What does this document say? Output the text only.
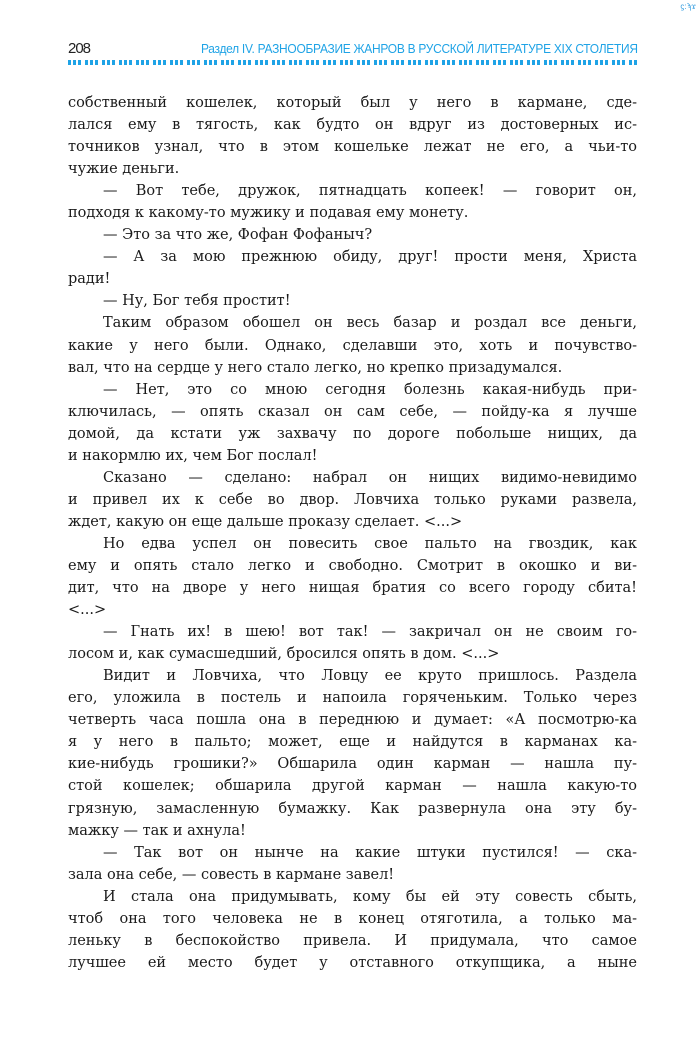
ϛ:ϡϫ
208	Раздел IV. РАЗНООБРАЗИЕ ЖАНРОВ В РУССКОЙ ЛИТЕРАТУРЕ XIX СТОЛЕТИЯ
собственный кошелек, который был у него в кармане, сде-
лался ему в тягость, как будто он вдруг из достоверных ис-
точников узнал, что в этом кошельке лежат не его, а чьи-то
чужие деньги.
— Вот тебе, дружок, пятнадцать копеек! — говорит он,
подходя к какому-то мужику и подавая ему монету.
— Это за что же, Фофан Фофаныч?
— А за мою прежнюю обиду, друг! прости меня, Христа
ради!
— Ну, Бог тебя простит!
Таким образом обошел он весь базар и роздал все деньги,
какие у него были. Однако, сделавши это, хоть и почувство-
вал, что на сердце у него стало легко, но крепко призадумался.
— Нет, это со мною сегодня болезнь какая-нибудь при-
ключилась, — опять сказал он сам себе, — пойду-ка я лучше
домой, да кстати уж захвачу по дороге побольше нищих, да
и накормлю их, чем Бог послал!
Сказано — сделано: набрал он нищих видимо-невидимо
и привел их к себе во двор. Ловчиха только руками развела,
ждет, какую он еще дальше проказу сделает. <...>
Но едва успел он повесить свое пальто на гвоздик, как
ему и опять стало легко и свободно. Смотрит в окошко и ви-
дит, что на дворе у него нищая братия со всего городу сбита!
<...>
— Гнать их! в шею! вот так! — закричал он не своим го-
лосом и, как сумасшедший, бросился опять в дом. <...>
Видит и Ловчиха, что Ловцу ее круто пришлось. Раздела
его, уложила в постель и напоила горяченьким. Только через
четверть часа пошла она в переднюю и думает: «А посмотрю-ка
я у него в пальто; может, еще и найдутся в карманах ка-
кие-нибудь грошики?» Обшарила один карман — нашла пу-
стой кошелек; обшарила другой карман — нашла какую-то
грязную, замасленную бумажку. Как развернула она эту бу-
мажку — так и ахнула!
— Так вот он нынче на какие штуки пустился! — ска-
зала она себе, — совесть в кармане завел!
И стала она придумывать, кому бы ей эту совесть сбыть,
чтоб она того человека не в конец отяготила, а только ма-
леньку в беспокойство привела. И придумала, что самое
лучшее ей место будет у отставного откупщика, а ныне
